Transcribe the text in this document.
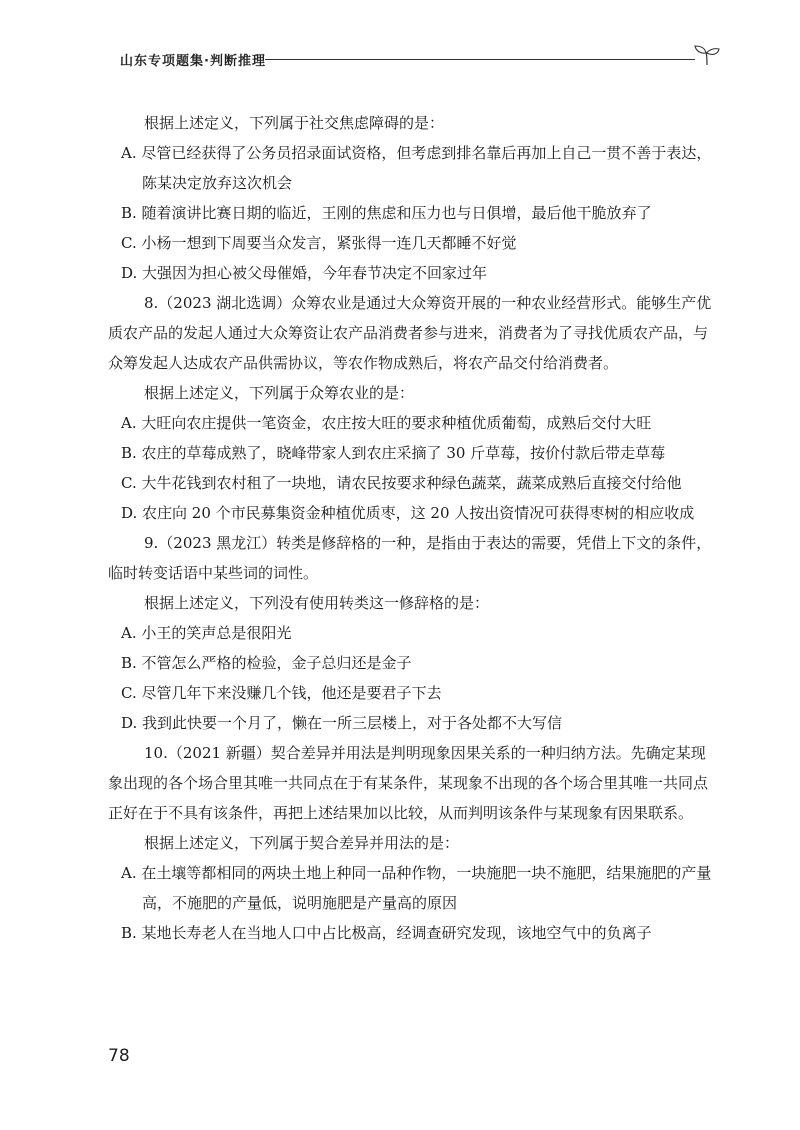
山东专项题集·判断推理

根据上述定义，下列属于社交焦虑障碍的是：

A. 尽管已经获得了公务员招录面试资格，但考虑到排名靠后再加上自己一贯不善于表达，陈某决定放弃这次机会

B. 随着演讲比赛日期的临近，王刚的焦虑和压力也与日俱增，最后他干脆放弃了

C. 小杨一想到下周要当众发言，紧张得一连几天都睡不好觉

D. 大强因为担心被父母催婚，今年春节决定不回家过年

8.（2023 湖北选调）众筹农业是通过大众筹资开展的一种农业经营形式。能够生产优质农产品的发起人通过大众筹资让农产品消费者参与进来，消费者为了寻找优质农产品，与众筹发起人达成农产品供需协议，等农作物成熟后，将农产品交付给消费者。

根据上述定义，下列属于众筹农业的是：

A. 大旺向农庄提供一笔资金，农庄按大旺的要求种植优质葡萄，成熟后交付大旺

B. 农庄的草莓成熟了，晓峰带家人到农庄采摘了 30 斤草莓，按价付款后带走草莓

C. 大牛花钱到农村租了一块地，请农民按要求种绿色蔬菜，蔬菜成熟后直接交付给他

D. 农庄向 20 个市民募集资金种植优质枣，这 20 人按出资情况可获得枣树的相应收成

9.（2023 黑龙江）转类是修辞格的一种，是指由于表达的需要，凭借上下文的条件，临时转变话语中某些词的词性。

根据上述定义，下列没有使用转类这一修辞格的是：

A. 小王的笑声总是很阳光

B. 不管怎么严格的检验，金子总归还是金子

C. 尽管几年下来没赚几个钱，他还是要君子下去

D. 我到此快要一个月了，懒在一所三层楼上，对于各处都不大写信

10.（2021 新疆）契合差异并用法是判明现象因果关系的一种归纳方法。先确定某现象出现的各个场合里其唯一共同点在于有某条件，某现象不出现的各个场合里其唯一共同点正好在于不具有该条件，再把上述结果加以比较，从而判明该条件与某现象有因果联系。

根据上述定义，下列属于契合差异并用法的是：

A. 在土壤等都相同的两块土地上种同一品种作物，一块施肥一块不施肥，结果施肥的产量高，不施肥的产量低，说明施肥是产量高的原因

B. 某地长寿老人在当地人口中占比极高，经调查研究发现，该地空气中的负离子

78
